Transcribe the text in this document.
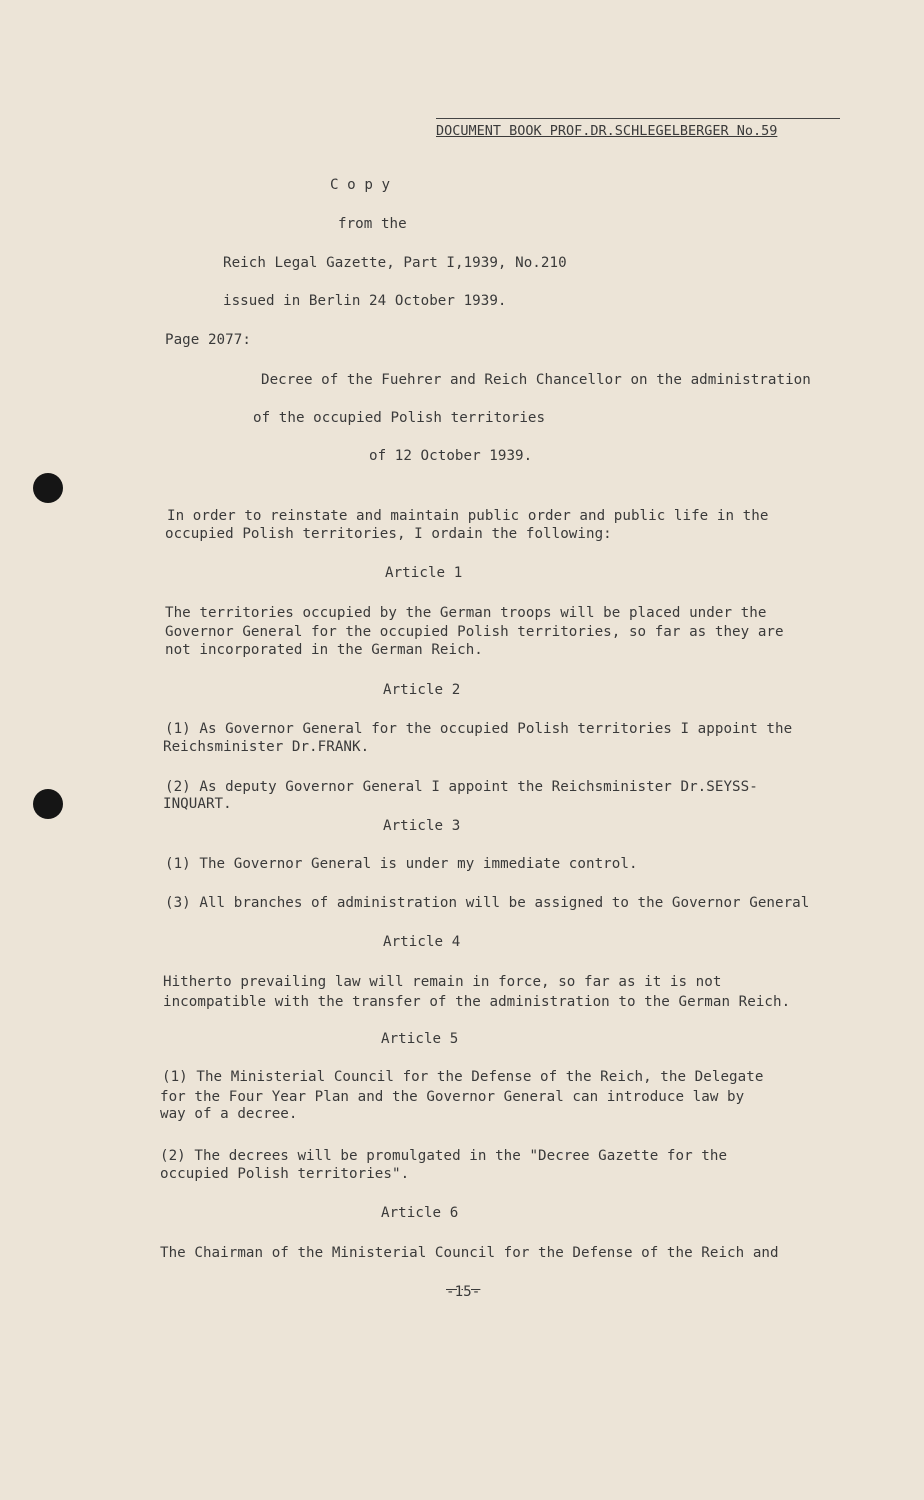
DOCUMENT BOOK PROF.DR.SCHLEGELBERGER No.59
C o p y
from the
Reich Legal Gazette, Part I,1939, No.210
issued in Berlin 24 October 1939.
Page 2077:
Decree of the Fuehrer and Reich Chancellor on the administration
of the occupied Polish territories
of 12 October 1939.
In order to reinstate and maintain public order and public life in the
occupied Polish territories, I ordain the following:
Article 1
The territories occupied by the German troops will be placed under the
Governor General for the occupied Polish territories, so far as they are
not incorporated in the German Reich.
Article 2
(1) As Governor General for the occupied Polish territories I appoint the
Reichsminister Dr.FRANK.
(2) As deputy Governor General I appoint the Reichsminister Dr.SEYSS-
INQUART.
Article 3
(1) The Governor General is under my immediate control.
(3) All branches of administration will be assigned to the Governor General
Article 4
Hitherto prevailing law will remain in force, so far as it is not
incompatible with the transfer of the administration to the German Reich.
Article 5
(1) The Ministerial Council for the Defense of the Reich, the Delegate
for the Four Year Plan and the Governor General can introduce law by
way of a decree.
(2) The decrees will be promulgated in the "Decree Gazette for the
occupied Polish territories".
Article 6
The Chairman of the Ministerial Council for the Defense of the Reich and
-15-
